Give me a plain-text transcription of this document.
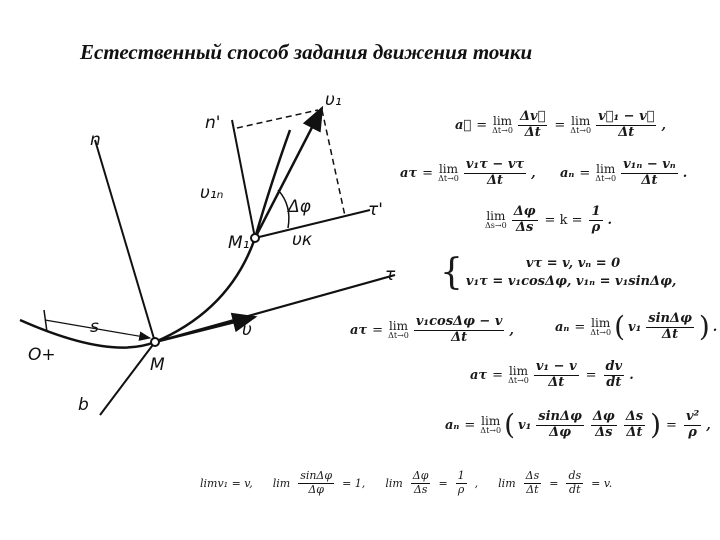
Естественный способ задания движения точки
n
n'
b
τ
τ'
υ
υ₁
υ₁ₙ
υк
Δφ
M
M₁
s
O+
a⃗ = lim
$\Delta t\to 0 \frac{\Delta v⃗}{\Delta t} = \lim$
$\Delta t\to 0 \frac{\text{v⃗₁ − v⃗}}{\Delta t}$ ,
aτ = lim
$\Delta t\to 0 \frac{\text{v₁τ − vτ}}{\Delta t}$ , aₙ = lim
$\Delta t\to 0 \frac{\text{v₁ₙ − vₙ}}{\Delta t}$ .
lim
$\Delta s\to 0 \frac{\Delta\varphi}{\Delta s} = k = \frac{1}{\rho}$ .
{	vτ = v, vₙ = 0
v₁τ = v₁cosΔφ, v₁ₙ = v₁sinΔφ,
aτ = lim
$\Delta t\to 0 \frac{\text{v₁cosΔφ − v}}{\Delta t}$ ,	aₙ = lim
Δt→0 ( $v_1 \frac{\sin\Delta\varphi}{\Delta t}$ ) .
aτ = lim
$\Delta t\to 0 \frac{\text{v₁ − v}}{\Delta t} = \frac{dv}{dt}$ .
aₙ = lim
Δt→0 ( $v_1 \frac{\sin\Delta\varphi}{\Delta\varphi} \frac{\Delta\varphi}{\Delta s} \frac{\Delta s}{\Delta t}$ ) = $\frac{\text{v²}}{\rho}$ ,
limv₁ = v, $\lim \frac{\sin\Delta\varphi}{\Delta\varphi} = 1$, $\lim \frac{\Delta\varphi}{\Delta s} = \frac{1}{\rho}$ , $\lim \frac{\Delta s}{\Delta t} = \frac{ds}{dt} = v$.
